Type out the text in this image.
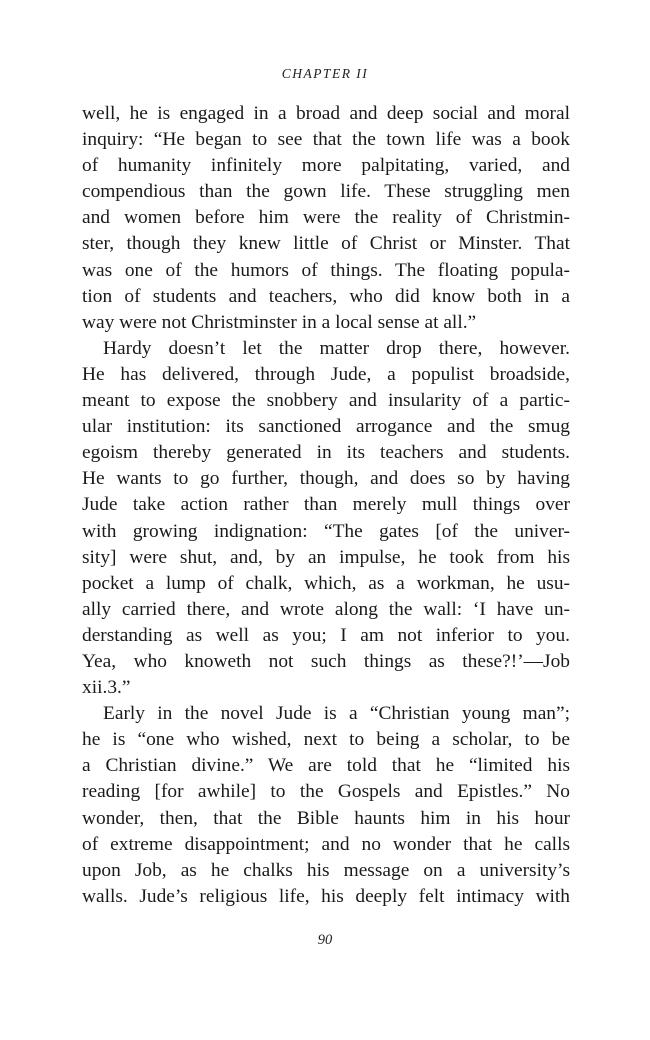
CHAPTER II
well, he is engaged in a broad and deep social and moral
inquiry: “He began to see that the town life was a book
of humanity infinitely more palpitating, varied, and
compendious than the gown life. These struggling men
and women before him were the reality of Christmin-
ster, though they knew little of Christ or Minster. That
was one of the humors of things. The floating popula-
tion of students and teachers, who did know both in a
way were not Christminster in a local sense at all.”
Hardy doesn’t let the matter drop there, however.
He has delivered, through Jude, a populist broadside,
meant to expose the snobbery and insularity of a partic-
ular institution: its sanctioned arrogance and the smug
egoism thereby generated in its teachers and students.
He wants to go further, though, and does so by having
Jude take action rather than merely mull things over
with growing indignation: “The gates [of the univer-
sity] were shut, and, by an impulse, he took from his
pocket a lump of chalk, which, as a workman, he usu-
ally carried there, and wrote along the wall: ‘I have un-
derstanding as well as you; I am not inferior to you.
Yea, who knoweth not such things as these?!’—Job
xii.3.”
Early in the novel Jude is a “Christian young man”;
he is “one who wished, next to being a scholar, to be
a Christian divine.” We are told that he “limited his
reading [for awhile] to the Gospels and Epistles.” No
wonder, then, that the Bible haunts him in his hour
of extreme disappointment; and no wonder that he calls
upon Job, as he chalks his message on a university’s
walls. Jude’s religious life, his deeply felt intimacy with
90
